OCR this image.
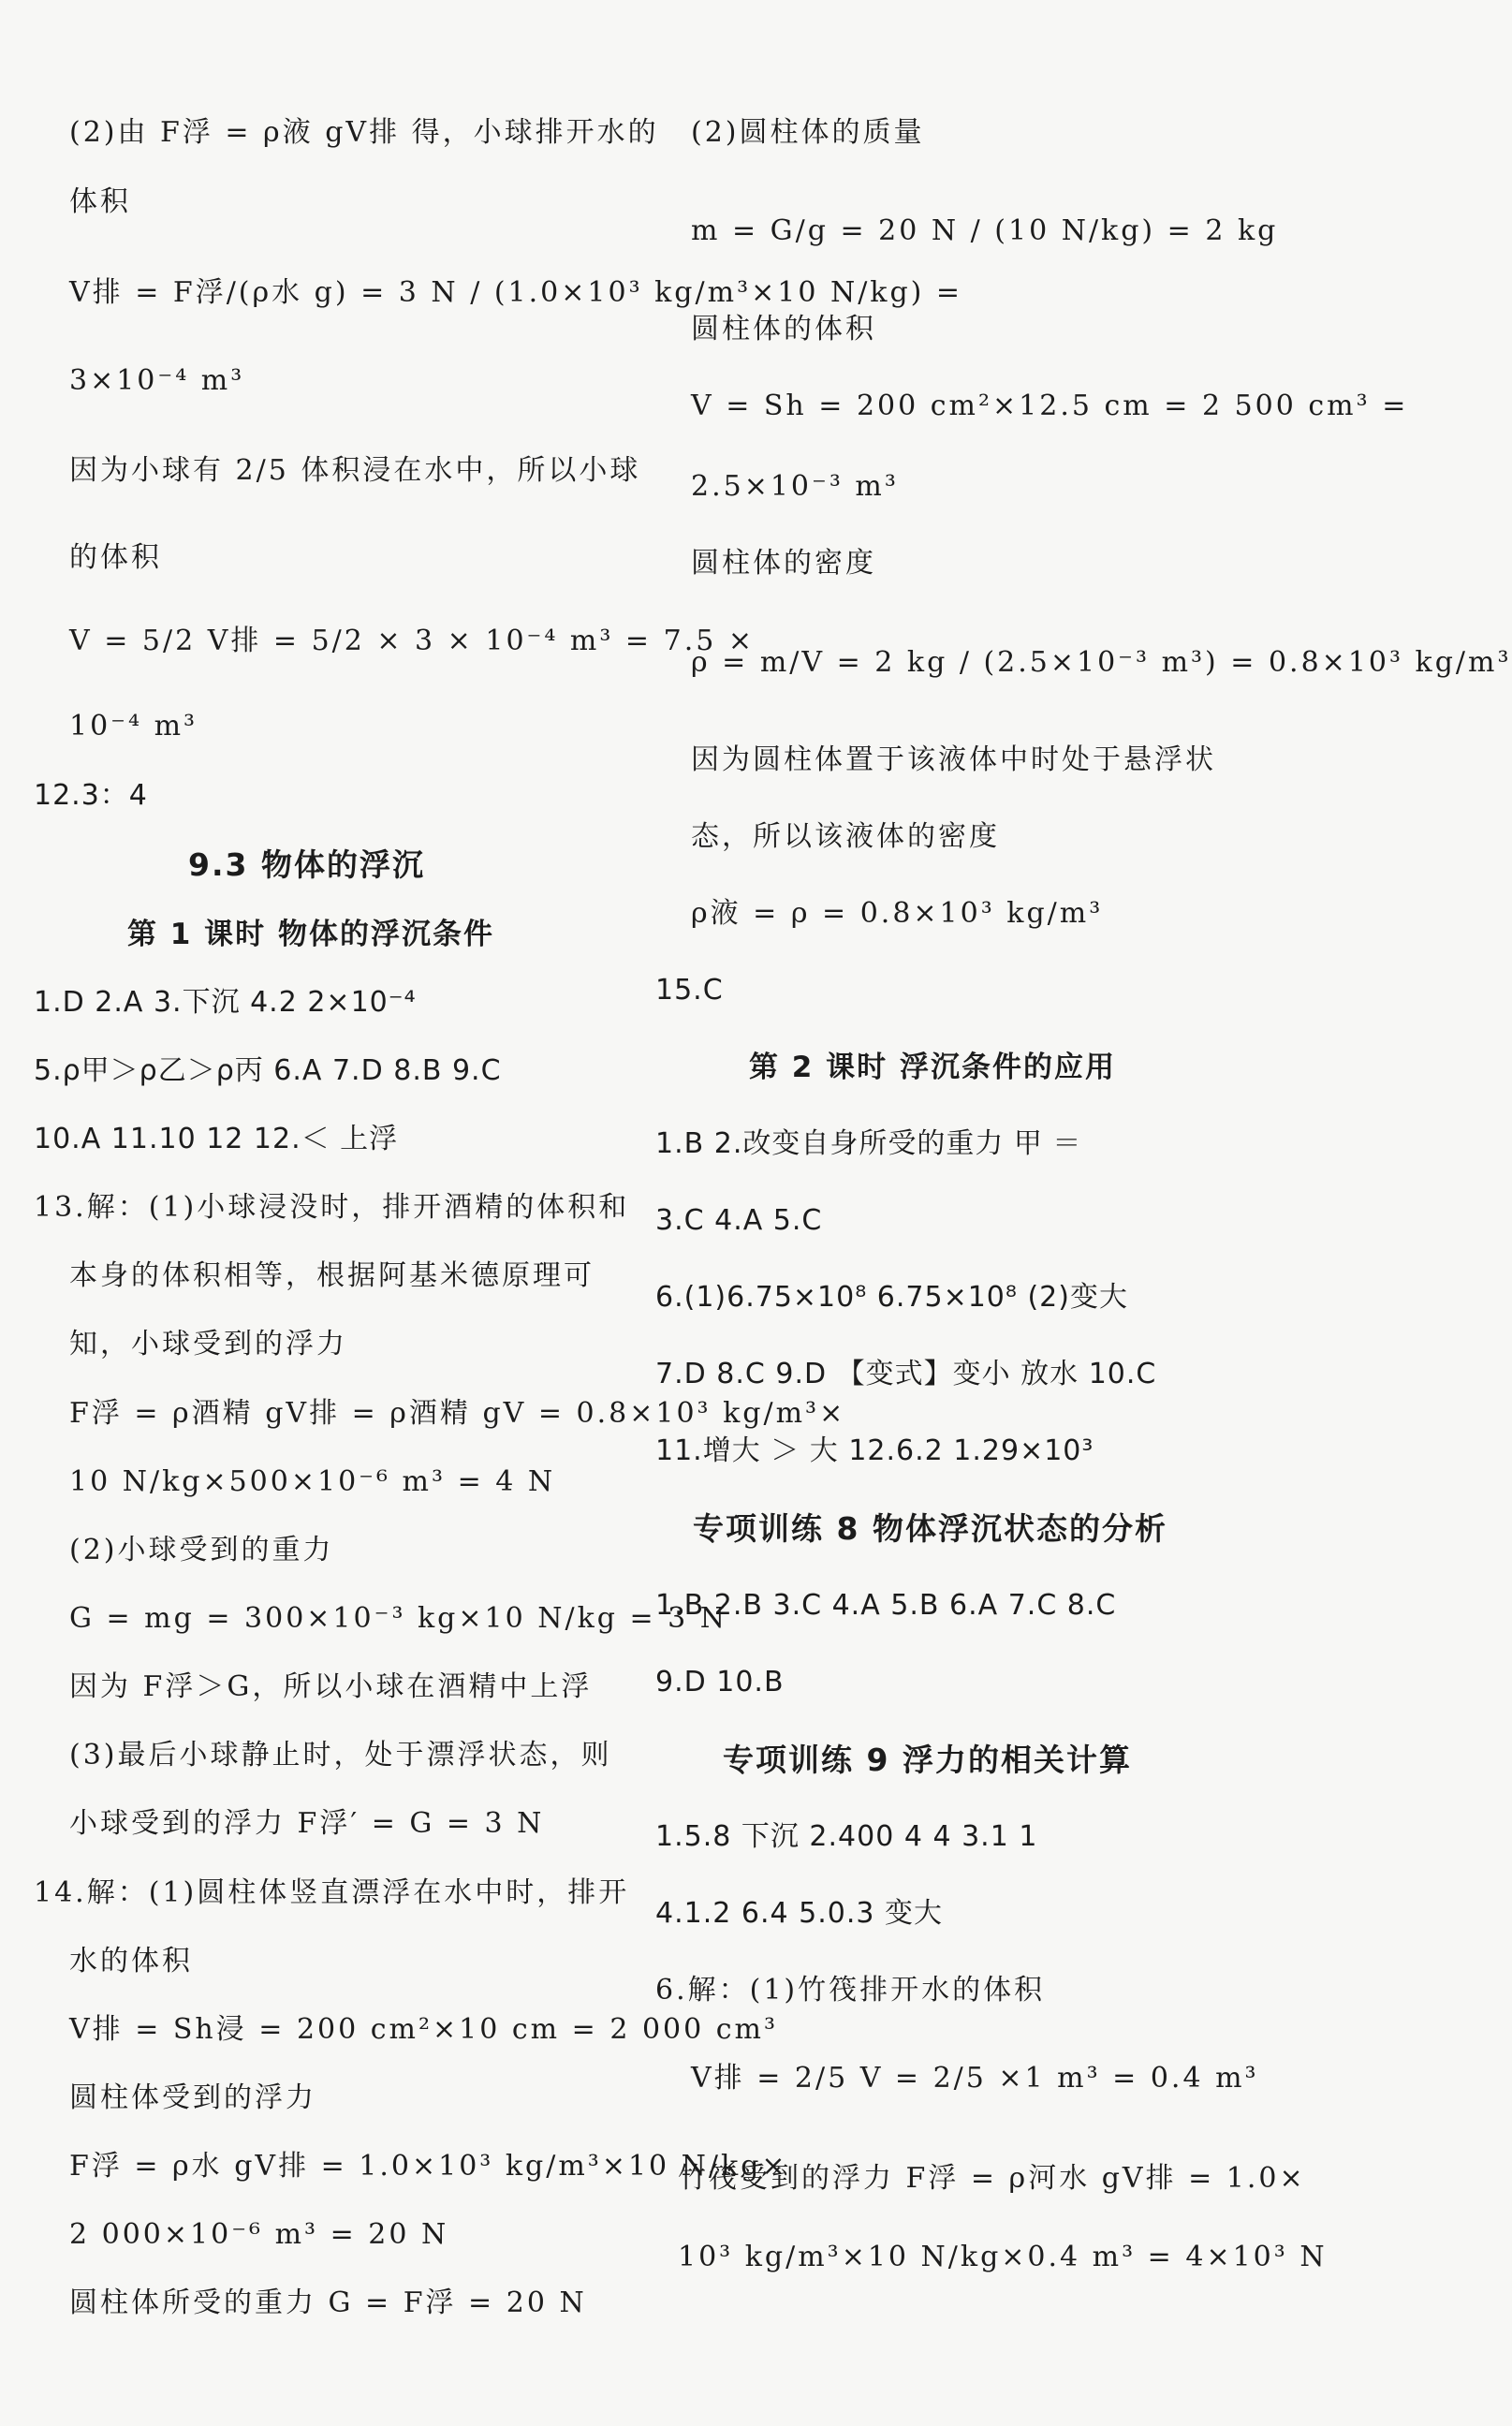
(2)由 F浮 = ρ液 gV排 得，小球排开水的
体积
V排 = F浮/(ρ水 g) = 3 N / (1.0×10³ kg/m³×10 N/kg) =
3×10⁻⁴ m³
因为小球有 2/5 体积浸在水中，所以小球
的体积
V = 5/2 V排 = 5/2 × 3 × 10⁻⁴ m³ = 7.5 ×
10⁻⁴ m³
12.3：4
9.3 物体的浮沉
第 1 课时 物体的浮沉条件
1.D 2.A 3.下沉 4.2 2×10⁻⁴
5.ρ甲＞ρ乙＞ρ丙 6.A 7.D 8.B 9.C
10.A 11.10 12 12.＜ 上浮
13.解：(1)小球浸没时，排开酒精的体积和
本身的体积相等，根据阿基米德原理可
知，小球受到的浮力
F浮 = ρ酒精 gV排 = ρ酒精 gV = 0.8×10³ kg/m³×
10 N/kg×500×10⁻⁶ m³ = 4 N
(2)小球受到的重力
G = mg = 300×10⁻³ kg×10 N/kg = 3 N
因为 F浮＞G，所以小球在酒精中上浮
(3)最后小球静止时，处于漂浮状态，则
小球受到的浮力 F浮′ = G = 3 N
14.解：(1)圆柱体竖直漂浮在水中时，排开
水的体积
V排 = Sh浸 = 200 cm²×10 cm = 2 000 cm³
圆柱体受到的浮力
F浮 = ρ水 gV排 = 1.0×10³ kg/m³×10 N/kg×
2 000×10⁻⁶ m³ = 20 N
圆柱体所受的重力 G = F浮 = 20 N
(2)圆柱体的质量
m = G/g = 20 N / (10 N/kg) = 2 kg
圆柱体的体积
V = Sh = 200 cm²×12.5 cm = 2 500 cm³ =
2.5×10⁻³ m³
圆柱体的密度
ρ = m/V = 2 kg / (2.5×10⁻³ m³) = 0.8×10³ kg/m³
因为圆柱体置于该液体中时处于悬浮状
态，所以该液体的密度
ρ液 = ρ = 0.8×10³ kg/m³
15.C
第 2 课时 浮沉条件的应用
1.B 2.改变自身所受的重力 甲 ＝
3.C 4.A 5.C
6.(1)6.75×10⁸ 6.75×10⁸ (2)变大
7.D 8.C 9.D 【变式】变小 放水 10.C
11.增大 ＞ 大 12.6.2 1.29×10³
专项训练 8 物体浮沉状态的分析
1.B 2.B 3.C 4.A 5.B 6.A 7.C 8.C
9.D 10.B
专项训练 9 浮力的相关计算
1.5.8 下沉 2.400 4 4 3.1 1
4.1.2 6.4 5.0.3 变大
6.解：(1)竹筏排开水的体积
V排 = 2/5 V = 2/5 ×1 m³ = 0.4 m³
竹筏受到的浮力 F浮 = ρ河水 gV排 = 1.0×
10³ kg/m³×10 N/kg×0.4 m³ = 4×10³ N
